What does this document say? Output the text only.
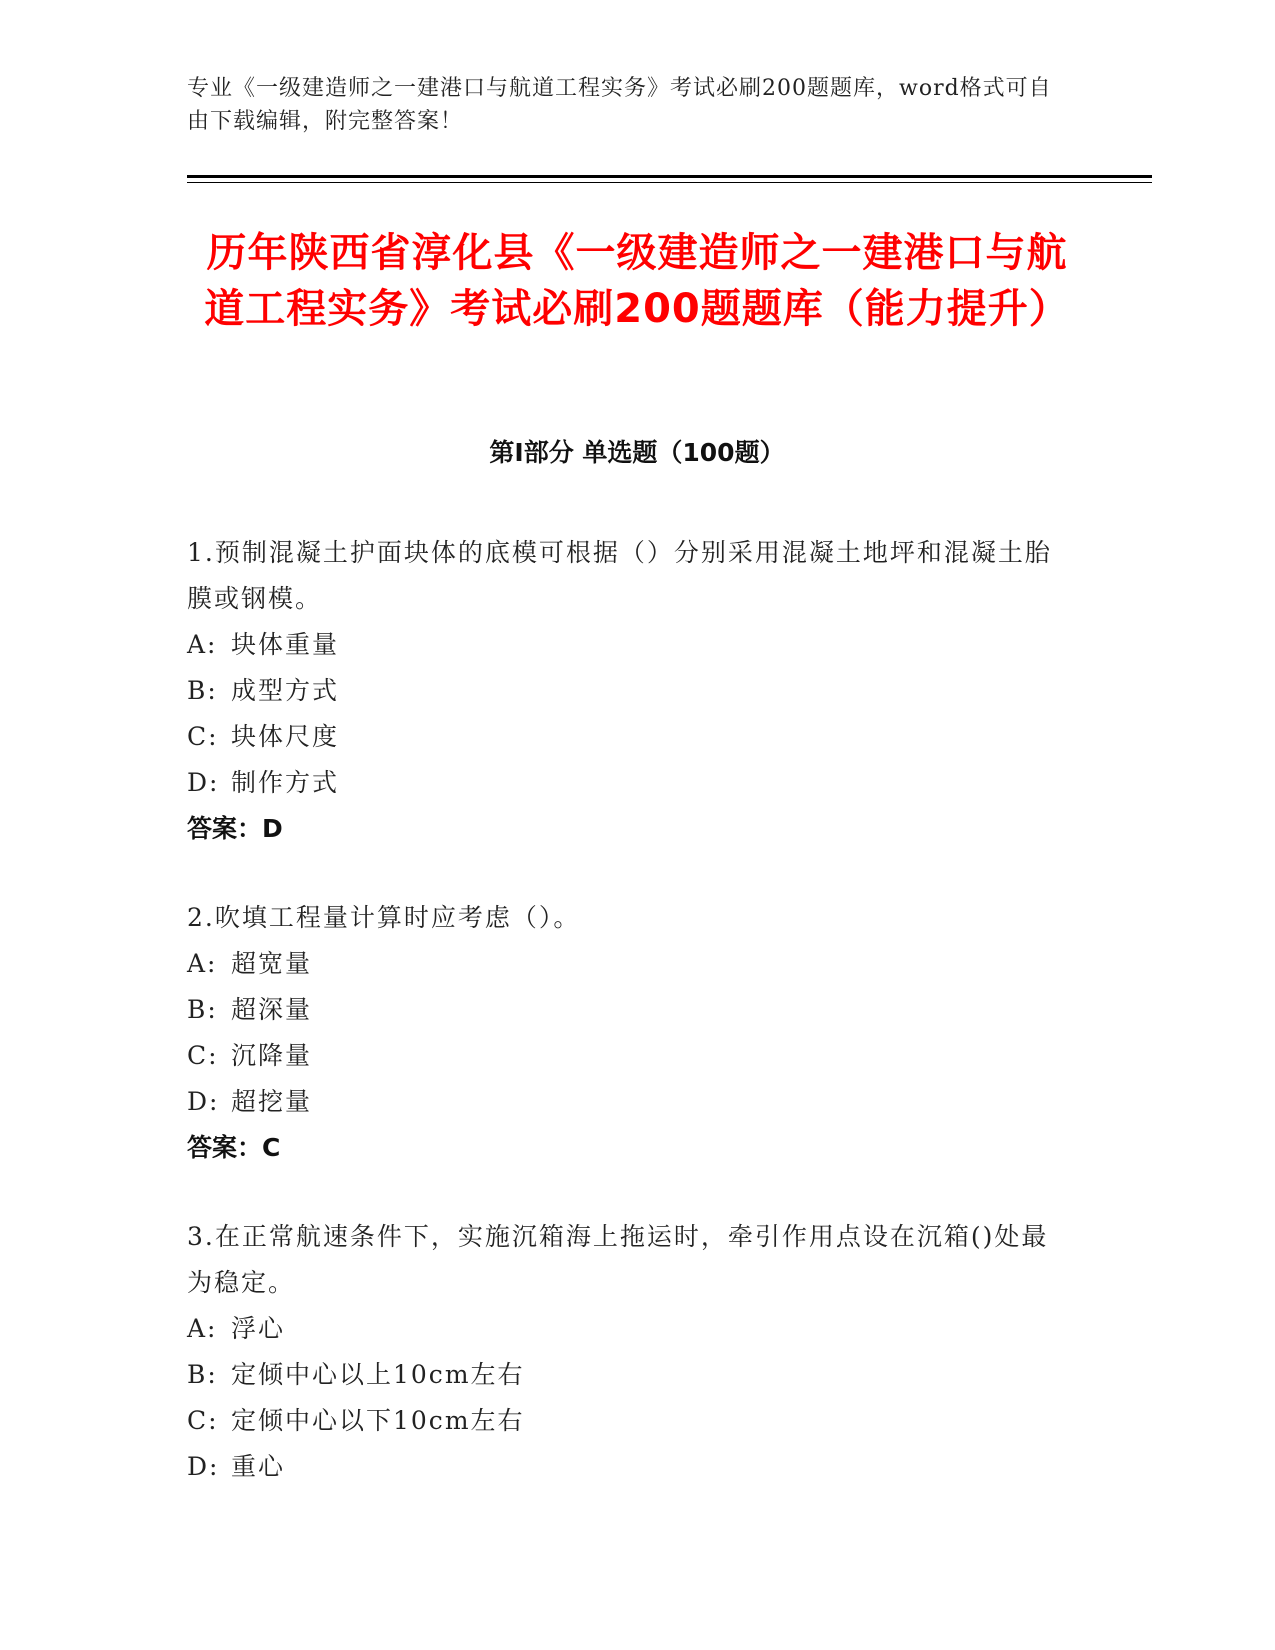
专业《一级建造师之一建港口与航道工程实务》考试必刷200题题库，word格式可自由下载编辑，附完整答案！
历年陕西省淳化县《一级建造师之一建港口与航道工程实务》考试必刷200题题库（能力提升）
第Ⅰ部分 单选题（100题）
1.预制混凝土护面块体的底模可根据（）分别采用混凝土地坪和混凝土胎膜或钢模。
A: 块体重量
B: 成型方式
C: 块体尺度
D: 制作方式
答案：D
2.吹填工程量计算时应考虑（）。
A: 超宽量
B: 超深量
C: 沉降量
D: 超挖量
答案：C
3.在正常航速条件下，实施沉箱海上拖运时，牵引作用点设在沉箱()处最为稳定。
A: 浮心
B: 定倾中心以上10cm左右
C: 定倾中心以下10cm左右
D: 重心
